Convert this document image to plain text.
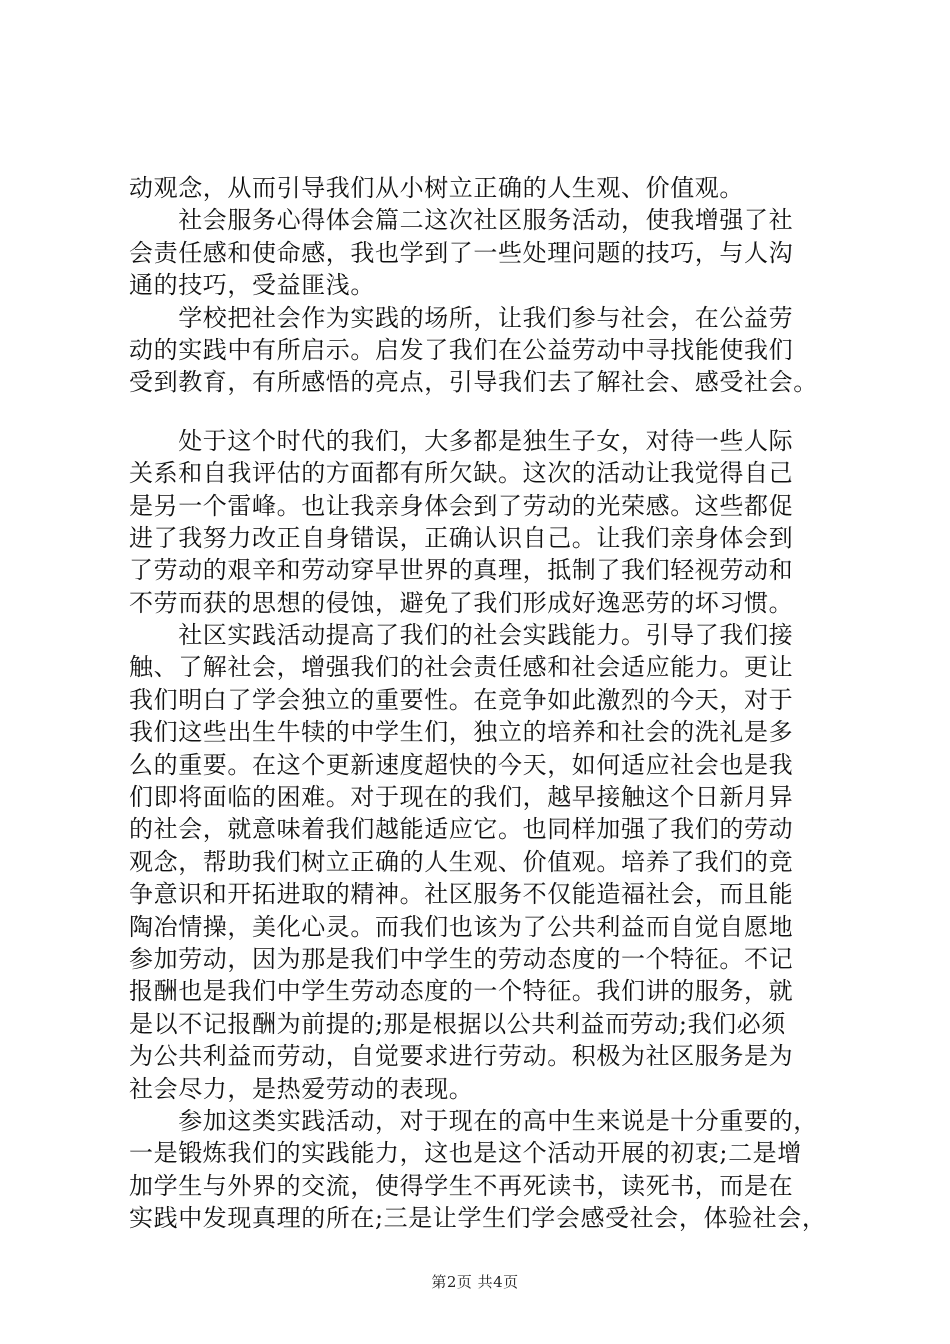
动观念，从而引导我们从小树立正确的人生观、价值观。
　　社会服务心得体会篇二这次社区服务活动，使我增强了社
会责任感和使命感，我也学到了一些处理问题的技巧，与人沟
通的技巧，受益匪浅。
　　学校把社会作为实践的场所，让我们参与社会，在公益劳
动的实践中有所启示。启发了我们在公益劳动中寻找能使我们
受到教育，有所感悟的亮点，引导我们去了解社会、感受社会。
　　处于这个时代的我们，大多都是独生子女，对待一些人际
关系和自我评估的方面都有所欠缺。这次的活动让我觉得自己
是另一个雷峰。也让我亲身体会到了劳动的光荣感。这些都促
进了我努力改正自身错误，正确认识自己。让我们亲身体会到
了劳动的艰辛和劳动穿早世界的真理，抵制了我们轻视劳动和
不劳而获的思想的侵蚀，避免了我们形成好逸恶劳的坏习惯。
　　社区实践活动提高了我们的社会实践能力。引导了我们接
触、了解社会，增强我们的社会责任感和社会适应能力。更让
我们明白了学会独立的重要性。在竞争如此激烈的今天，对于
我们这些出生牛犊的中学生们，独立的培养和社会的洗礼是多
么的重要。在这个更新速度超快的今天，如何适应社会也是我
们即将面临的困难。对于现在的我们，越早接触这个日新月异
的社会，就意味着我们越能适应它。也同样加强了我们的劳动
观念，帮助我们树立正确的人生观、价值观。培养了我们的竞
争意识和开拓进取的精神。社区服务不仅能造福社会，而且能
陶冶情操，美化心灵。而我们也该为了公共利益而自觉自愿地
参加劳动，因为那是我们中学生的劳动态度的一个特征。不记
报酬也是我们中学生劳动态度的一个特征。我们讲的服务，就
是以不记报酬为前提的;那是根据以公共利益而劳动;我们必须
为公共利益而劳动，自觉要求进行劳动。积极为社区服务是为
社会尽力，是热爱劳动的表现。
　　参加这类实践活动，对于现在的高中生来说是十分重要的，
一是锻炼我们的实践能力，这也是这个活动开展的初衷;二是增
加学生与外界的交流，使得学生不再死读书，读死书，而是在
实践中发现真理的所在;三是让学生们学会感受社会，体验社会，
第2页 共4页
